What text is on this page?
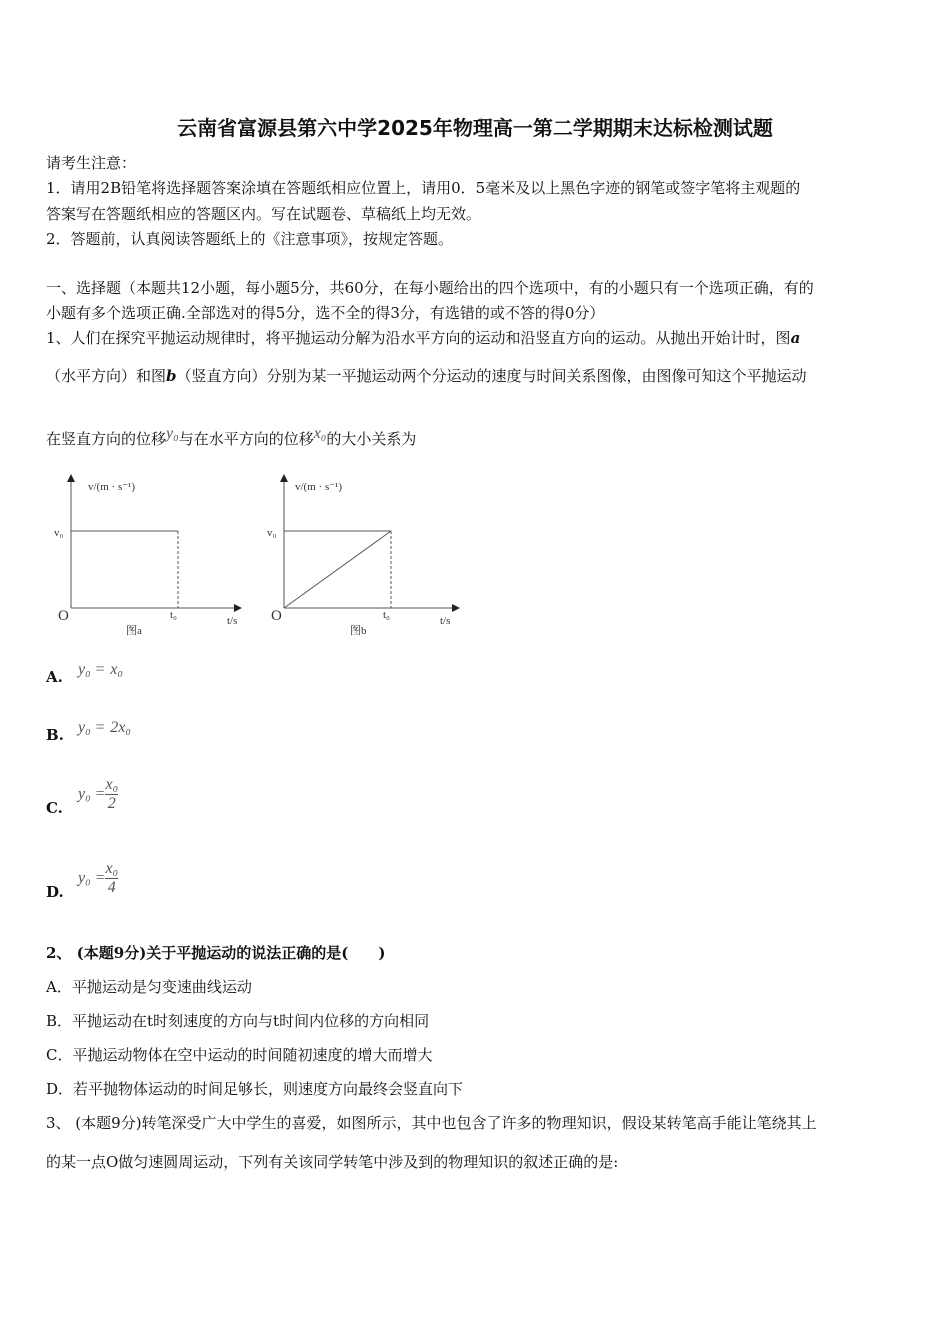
云南省富源县第六中学2025年物理高一第二学期期末达标检测试题
请考生注意：
1．请用2B铅笔将选择题答案涂填在答题纸相应位置上，请用0．5毫米及以上黑色字迹的钢笔或签字笔将主观题的
答案写在答题纸相应的答题区内。写在试题卷、草稿纸上均无效。
2．答题前，认真阅读答题纸上的《注意事项》，按规定答题。
一、选择题（本题共12小题，每小题5分，共60分，在每小题给出的四个选项中，有的小题只有一个选项正确，有的
小题有多个选项正确.全部选对的得5分，选不全的得3分，有选错的或不答的得0分）
1、人们在探究平抛运动规律时，将平抛运动分解为沿水平方向的运动和沿竖直方向的运动。从抛出开始计时，图a
（水平方向）和图b（竖直方向）分别为某一平抛运动两个分运动的速度与时间关系图像，由图像可知这个平抛运动
在竖直方向的位移$^{y_0}$与在水平方向的位移$^{x_0}$的大小关系为
v/(m · s⁻¹)
v₀
O	t₀	t/s
图a
v/(m · s⁻¹)
v₀
O	t₀	t/s
图b
A. y₀ = x₀
B. y₀ = 2x₀
$C.y_0 = \frac{\text{x₀}}{2}$
$D.y_0 = \frac{\text{x₀}}{4}$
2、 (本题9分)关于平抛运动的说法正确的是(　　)
A．平抛运动是匀变速曲线运动
B．平抛运动在t时刻速度的方向与t时间内位移的方向相同
C．平抛运动物体在空中运动的时间随初速度的增大而增大
D．若平抛物体运动的时间足够长，则速度方向最终会竖直向下
3、 (本题9分)转笔深受广大中学生的喜爱，如图所示，其中也包含了许多的物理知识，假设某转笔高手能让笔绕其上
的某一点O做匀速圆周运动，下列有关该同学转笔中涉及到的物理知识的叙述正确的是:
